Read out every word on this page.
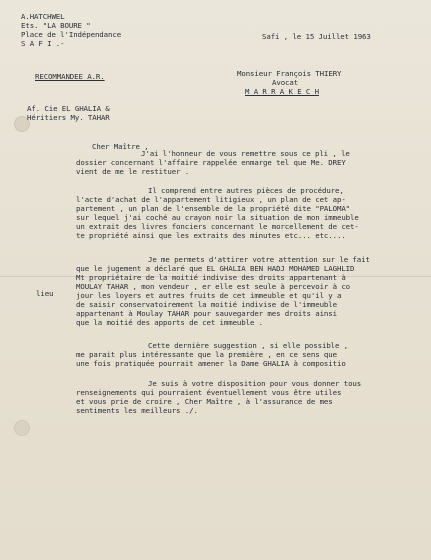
A.HATCHWEL
Ets. "LA BOURE "
Place de l'Indépendance
S A F I .-
Safi , le 15 Juillet 1963
RECOMMANDEE A.R.	Monsieur François THIERY
Avocat
M A R R A K E C H
Af. Cie EL GHALIA &
Héritiers My. TAHAR
Cher Maître ,
J'ai l'honneur de vous remettre sous ce pli , le
dossier concernant l'affaire rappelée enmarge tel que Me. DREY
vient de me le restituer .
Il comprend entre autres pièces de procédure,
l'acte d'achat de l'appartement litigieux , un plan de cet ap-
partement , un plan de l'ensemble de la propriété dite "PALOMA"
sur lequel j'ai coché au crayon noir la situation de mon immeuble
un extrait des livres fonciers concernant le morcellement de cet-
te propriété ainsi que les extraits des minutes etc... etc....
Je me permets d'attirer votre attention sur le fait
que le jugement a déclaré que EL GHALIA BEN HADJ MOHAMED LAGHLID
Mt propriétaire de la moitié indivise des droits appartenant à
MOULAY TAHAR , mon vendeur , er elle est seule à percevoir à co
jour les loyers et autres fruits de cet immeuble et qu'il y a
de saisir conservatoirement la moitié indivise de l'immeuble
appartenant à Moulay TAHAR pour sauvegarder mes droits ainsi
que la moitié des apports de cet immeuble .
lieu
Cette dernière suggestion , si elle possible ,
me parait plus intéressante que la première , en ce sens que
une fois pratiquée pourrait amener la Dame GHALIA à compositio
Je suis à votre disposition pour vous donner tous
renseignements qui pourraient éventuellement vous être utiles
et vous prie de croire , Cher Maître , à l'assurance de mes
sentiments les meilleurs ./.
